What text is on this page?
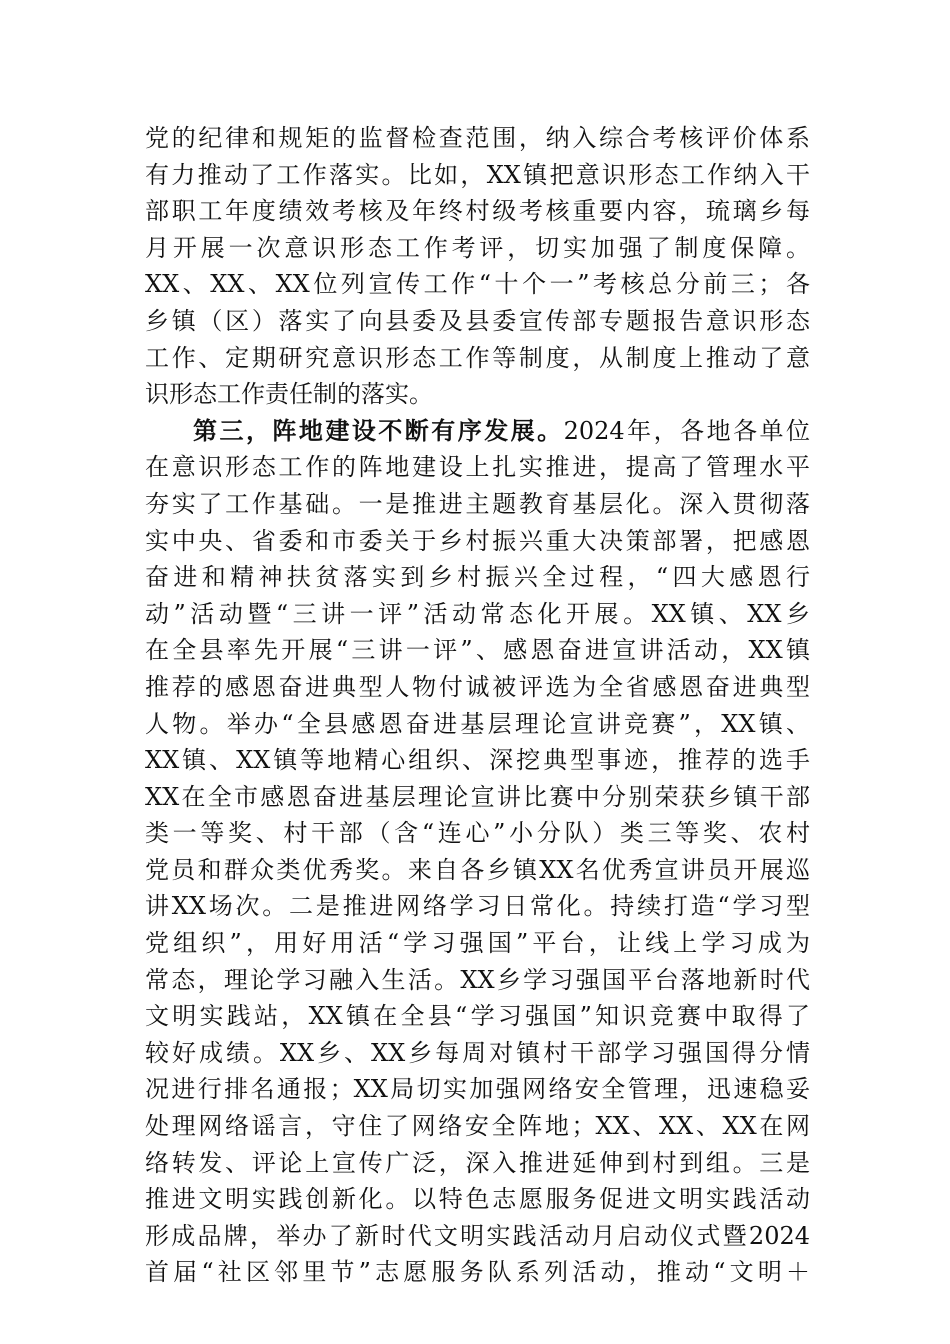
党的纪律和规矩的监督检查范围，纳入综合考核评价体系
有力推动了工作落实。比如，XX镇把意识形态工作纳入干
部职工年度绩效考核及年终村级考核重要内容，琉璃乡每
月开展一次意识形态工作考评，切实加强了制度保障。
XX、XX、XX位列宣传工作“十个一”考核总分前三；各
乡镇（区）落实了向县委及县委宣传部专题报告意识形态
工作、定期研究意识形态工作等制度，从制度上推动了意
识形态工作责任制的落实。
第三，阵地建设不断有序发展。2024年，各地各单位
在意识形态工作的阵地建设上扎实推进，提高了管理水平
夯实了工作基础。一是推进主题教育基层化。深入贯彻落
实中央、省委和市委关于乡村振兴重大决策部署，把感恩
奋进和精神扶贫落实到乡村振兴全过程，“四大感恩行
动”活动暨“三讲一评”活动常态化开展。XX镇、XX乡
在全县率先开展“三讲一评”、感恩奋进宣讲活动，XX镇
推荐的感恩奋进典型人物付诚被评选为全省感恩奋进典型
人物。举办“全县感恩奋进基层理论宣讲竞赛”，XX镇、
XX镇、XX镇等地精心组织、深挖典型事迹，推荐的选手
XX在全市感恩奋进基层理论宣讲比赛中分别荣获乡镇干部
类一等奖、村干部（含“连心”小分队）类三等奖、农村
党员和群众类优秀奖。来自各乡镇XX名优秀宣讲员开展巡
讲XX场次。二是推进网络学习日常化。持续打造“学习型
党组织”，用好用活“学习强国”平台，让线上学习成为
常态，理论学习融入生活。XX乡学习强国平台落地新时代
文明实践站，XX镇在全县“学习强国”知识竞赛中取得了
较好成绩。XX乡、XX乡每周对镇村干部学习强国得分情
况进行排名通报；XX局切实加强网络安全管理，迅速稳妥
处理网络谣言，守住了网络安全阵地；XX、XX、XX在网
络转发、评论上宣传广泛，深入推进延伸到村到组。三是
推进文明实践创新化。以特色志愿服务促进文明实践活动
形成品牌，举办了新时代文明实践活动月启动仪式暨2024
首届“社区邻里节”志愿服务队系列活动，推动“文明＋
